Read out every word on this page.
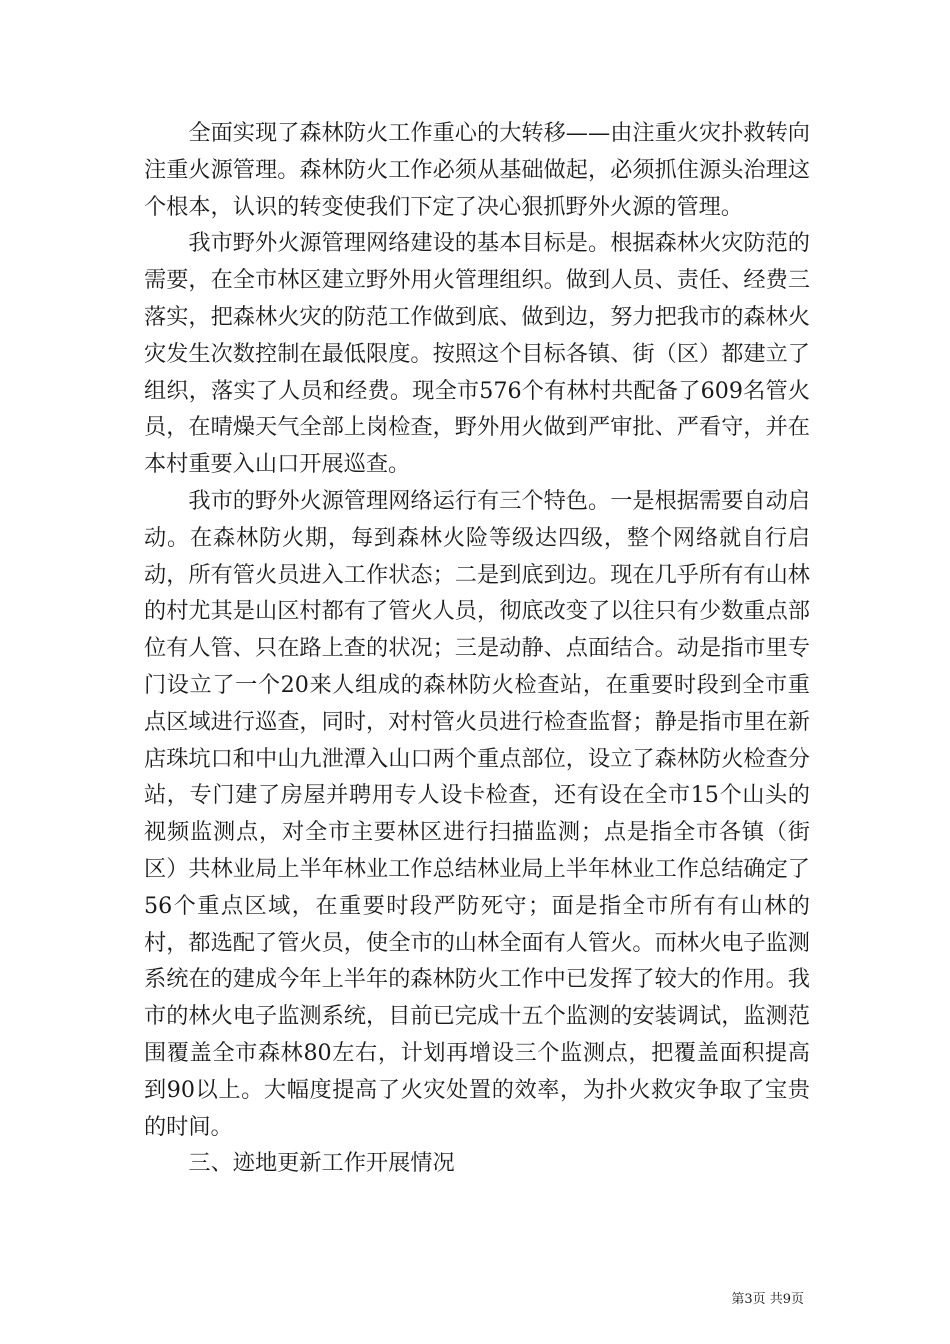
全面实现了森林防火工作重心的大转移——由注重火灾扑救转向注重火源管理。森林防火工作必须从基础做起，必须抓住源头治理这个根本，认识的转变使我们下定了决心狠抓野外火源的管理。

我市野外火源管理网络建设的基本目标是。根据森林火灾防范的需要，在全市林区建立野外用火管理组织。做到人员、责任、经费三落实，把森林火灾的防范工作做到底、做到边，努力把我市的森林火灾发生次数控制在最低限度。按照这个目标各镇、街（区）都建立了组织，落实了人员和经费。现全市576个有林村共配备了609名管火员，在晴燥天气全部上岗检查，野外用火做到严审批、严看守，并在本村重要入山口开展巡查。

我市的野外火源管理网络运行有三个特色。一是根据需要自动启动。在森林防火期，每到森林火险等级达四级，整个网络就自行启动，所有管火员进入工作状态；二是到底到边。现在几乎所有有山林的村尤其是山区村都有了管火人员，彻底改变了以往只有少数重点部位有人管、只在路上查的状况；三是动静、点面结合。动是指市里专门设立了一个20来人组成的森林防火检查站，在重要时段到全市重点区域进行巡查，同时，对村管火员进行检查监督；静是指市里在新店珠坑口和中山九泄潭入山口两个重点部位，设立了森林防火检查分站，专门建了房屋并聘用专人设卡检查，还有设在全市15个山头的视频监测点，对全市主要林区进行扫描监测；点是指全市各镇（街区）共林业局上半年林业工作总结林业局上半年林业工作总结确定了56个重点区域，在重要时段严防死守；面是指全市所有有山林的村，都选配了管火员，使全市的山林全面有人管火。而林火电子监测系统在的建成今年上半年的森林防火工作中已发挥了较大的作用。我市的林火电子监测系统，目前已完成十五个监测的安装调试，监测范围覆盖全市森林80左右，计划再增设三个监测点，把覆盖面积提高到90以上。大幅度提高了火灾处置的效率，为扑火救灾争取了宝贵的时间。

三、迹地更新工作开展情况

第3页 共9页
